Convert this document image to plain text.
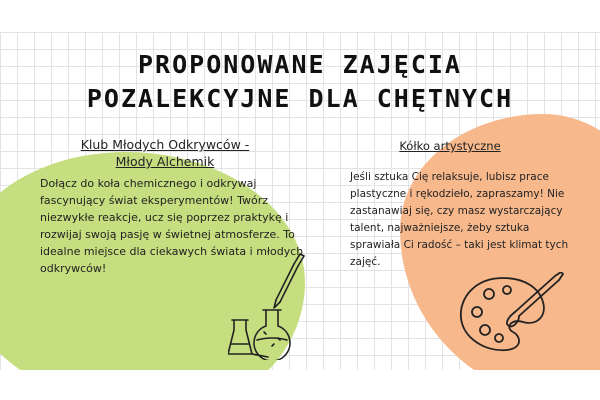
PROPONOWANE ZAJĘCIA
POZALEKCYJNE DLA CHĘTNYCH
Klub Młodych Odkrywców -
Młody Alchemik

Dołącz do koła chemicznego i odkrywaj fascynujący świat eksperymentów! Twórz niezwykłe reakcje, ucz się poprzez praktykę i rozwijaj swoją pasję w świetnej atmosferze. To idealne miejsce dla ciekawych świata i młodych odkrywców!

Kółko artystyczne

Jeśli sztuka Cię relaksuje, lubisz prace plastyczne i rękodzieło, zapraszamy! Nie zastanawiaj się, czy masz wystarczający talent, najważniejsze, żeby sztuka sprawiała Ci radość – taki jest klimat tych zajęć.
